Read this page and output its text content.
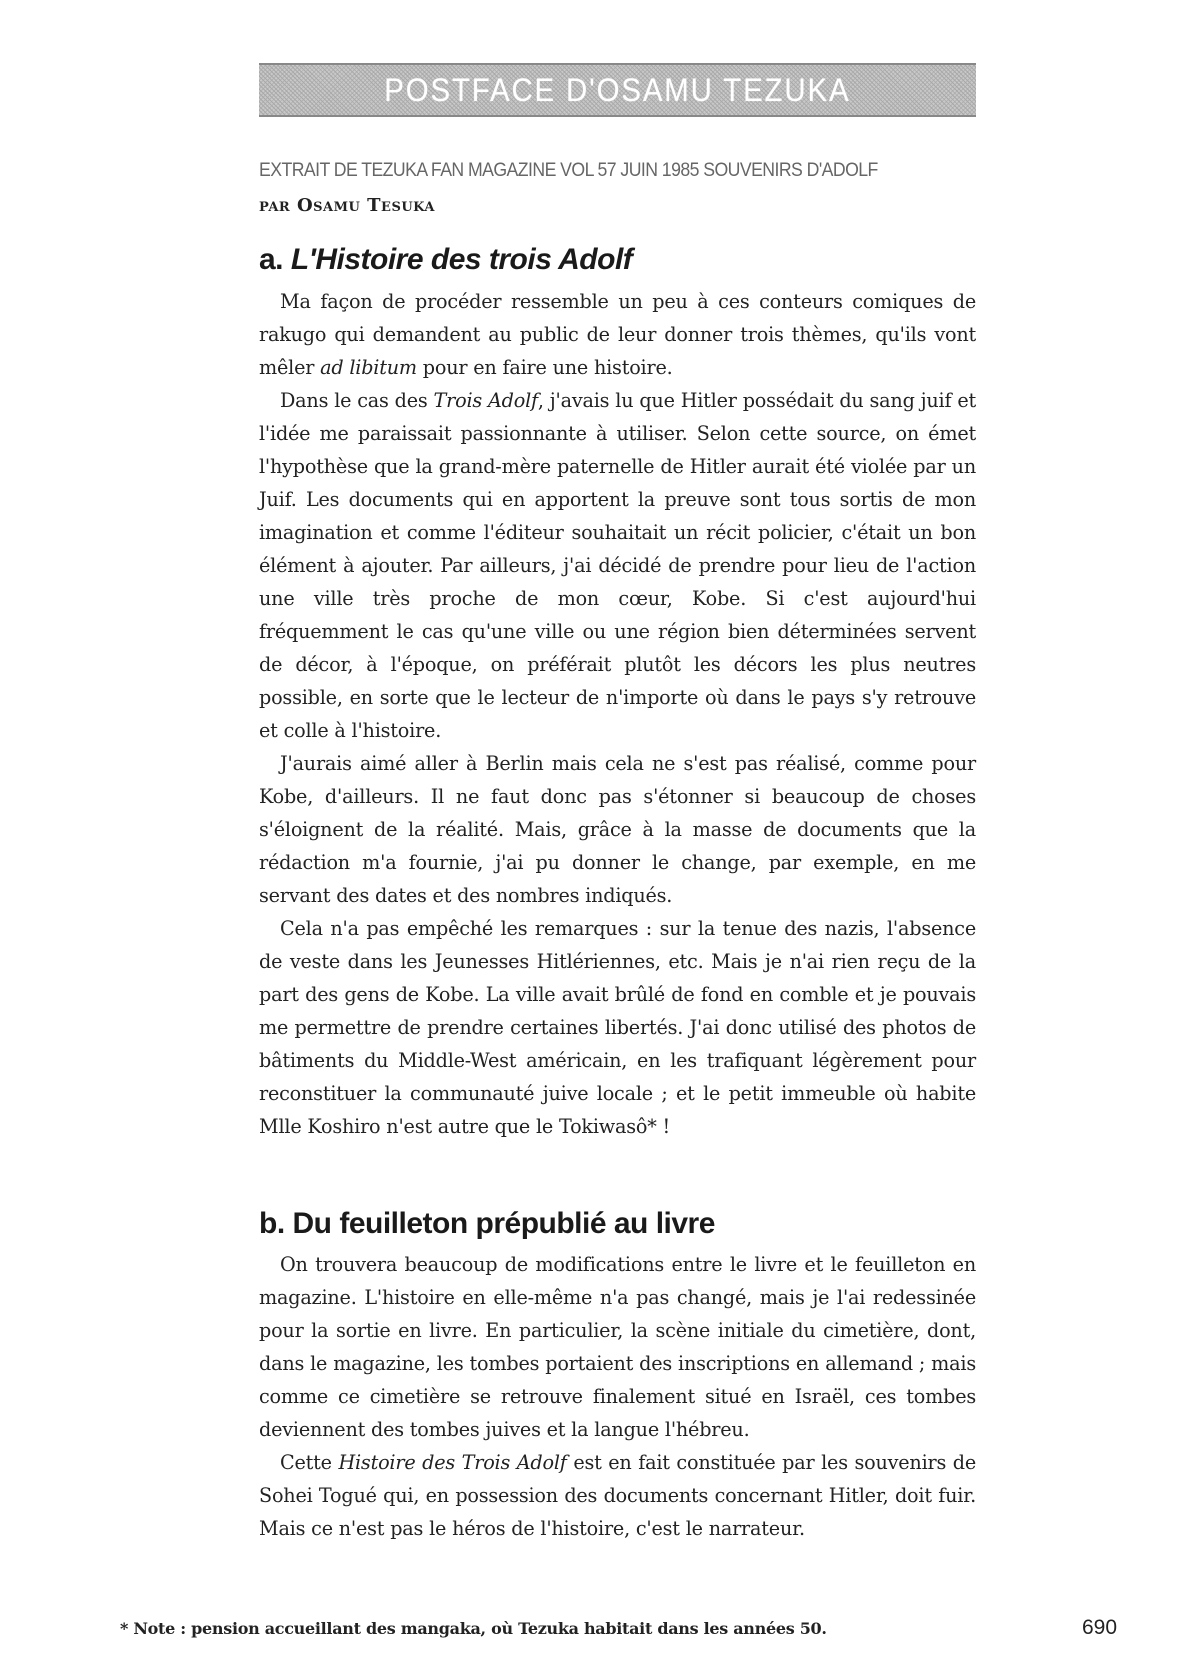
POSTFACE D'OSAMU TEZUKA
EXTRAIT DE TEZUKA FAN MAGAZINE VOL 57 JUIN 1985 SOUVENIRS D'ADOLF
par Osamu Tesuka
a. L'Histoire des trois Adolf

Ma façon de procéder ressemble un peu à ces conteurs comiques de rakugo qui demandent au public de leur donner trois thèmes, qu'ils vont mêler ad libitum pour en faire une histoire.

Dans le cas des Trois Adolf, j'avais lu que Hitler possédait du sang juif et l'idée me paraissait passionnante à utiliser. Selon cette source, on émet l'hypothèse que la grand-mère paternelle de Hitler aurait été violée par un Juif. Les documents qui en apportent la preuve sont tous sortis de mon imagination et comme l'éditeur souhaitait un récit policier, c'était un bon élément à ajouter. Par ailleurs, j'ai décidé de prendre pour lieu de l'action une ville très proche de mon cœur, Kobe. Si c'est aujourd'hui fréquemment le cas qu'une ville ou une région bien déterminées servent de décor, à l'époque, on préférait plutôt les décors les plus neutres possible, en sorte que le lecteur de n'importe où dans le pays s'y retrouve et colle à l'histoire.

J'aurais aimé aller à Berlin mais cela ne s'est pas réalisé, comme pour Kobe, d'ailleurs. Il ne faut donc pas s'étonner si beaucoup de choses s'éloignent de la réalité. Mais, grâce à la masse de documents que la rédaction m'a fournie, j'ai pu donner le change, par exemple, en me servant des dates et des nombres indiqués.

Cela n'a pas empêché les remarques : sur la tenue des nazis, l'absence de veste dans les Jeunesses Hitlériennes, etc. Mais je n'ai rien reçu de la part des gens de Kobe. La ville avait brûlé de fond en comble et je pouvais me permettre de prendre certaines libertés. J'ai donc utilisé des photos de bâtiments du Middle-West américain, en les trafiquant légèrement pour reconstituer la communauté juive locale ; et le petit immeuble où habite Mlle Koshiro n'est autre que le Tokiwasô* !

b. Du feuilleton prépublié au livre

On trouvera beaucoup de modifications entre le livre et le feuilleton en magazine. L'histoire en elle-même n'a pas changé, mais je l'ai redessinée pour la sortie en livre. En particulier, la scène initiale du cimetière, dont, dans le magazine, les tombes portaient des inscriptions en allemand ; mais comme ce cimetière se retrouve finalement situé en Israël, ces tombes deviennent des tombes juives et la langue l'hébreu.

Cette Histoire des Trois Adolf est en fait constituée par les souvenirs de Sohei Togué qui, en possession des documents concernant Hitler, doit fuir. Mais ce n'est pas le héros de l'histoire, c'est le narrateur.

* Note : pension accueillant des mangaka, où Tezuka habitait dans les années 50.	690
